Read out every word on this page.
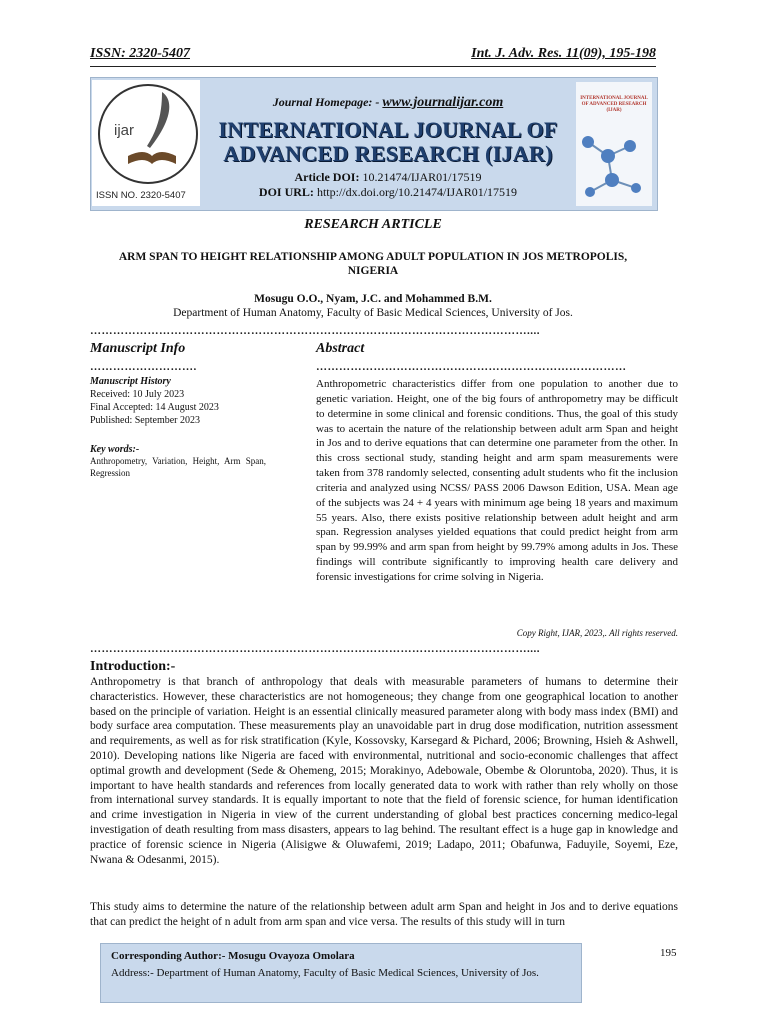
ISSN: 2320-5407	Int. J. Adv. Res. 11(09), 195-198
ijar
ISSN NO. 2320-5407
Journal Homepage: - www.journalijar.com
INTERNATIONAL JOURNAL OF
ADVANCED RESEARCH (IJAR)
Article DOI: 10.21474/IJAR01/17519
DOI URL: http://dx.doi.org/10.21474/IJAR01/17519
INTERNATIONAL JOURNAL OF ADVANCED RESEARCH (IJAR)
RESEARCH ARTICLE
ARM SPAN TO HEIGHT RELATIONSHIP AMONG ADULT POPULATION IN JOS METROPOLIS,
NIGERIA
Mosugu O.O., Nyam, J.C. and Mohammed B.M.
Department of Human Anatomy, Faculty of Basic Medical Sciences, University of Jos.
……………………………………………………………………………………………………....
Manuscript Info
……………………….
Manuscript History
Received: 10 July 2023
Final Accepted: 14 August 2023
Published: September 2023
Key words:-
Anthropometry, Variation, Height, Arm Span, Regression
Abstract
………………………………………………………………………
Anthropometric characteristics differ from one population to another due to genetic variation. Height, one of the big fours of anthropometry may be difficult to determine in some clinical and forensic conditions. Thus, the goal of this study was to acertain the nature of the relationship between adult arm Span and height in Jos and to derive equations that can determine one parameter from the other. In this cross sectional study, standing height and arm spam measurements were taken from 378 randomly selected, consenting adult students who fit the inclusion criteria and analyzed using NCSS/ PASS 2006 Dawson Edition, USA. Mean age of the subjects was 24 + 4 years with minimum age being 18 years and maximum 55 years. Also, there exists positive relationship between adult height and arm span. Regression analyses yielded equations that could predict height from arm span by 99.99% and arm span from height by 99.79% among adults in Jos. These findings will contribute significantly to improving health care delivery and forensic investigations for crime solving in Nigeria.
Copy Right, IJAR, 2023,. All rights reserved.
……………………………………………………………………………………………………....
Introduction:-
Anthropometry is that branch of anthropology that deals with measurable parameters of humans to determine their characteristics. However, these characteristics are not homogeneous; they change from one geographical location to another based on the principle of variation. Height is an essential clinically measured parameter along with body mass index (BMI) and body surface area computation. These measurements play an unavoidable part in drug dose modification, nutrition assessment and requirements, as well as for risk stratification (Kyle, Kossovsky, Karsegard & Pichard, 2006; Browning, Hsieh & Ashwell, 2010). Developing nations like Nigeria are faced with environmental, nutritional and socio-economic challenges that affect optimal growth and development (Sede & Ohemeng, 2015; Morakinyo, Adebowale, Obembe & Oloruntoba, 2020). Thus, it is important to have health standards and references from locally generated data to work with rather than rely wholly on those from international survey standards. It is equally important to note that the field of forensic science, for human identification and crime investigation in Nigeria in view of the current understanding of global best practices concerning medico-legal investigation of death resulting from mass disasters, appears to lag behind. The resultant effect is a huge gap in knowledge and practice of forensic science in Nigeria (Alisigwe & Oluwafemi, 2019; Ladapo, 2011; Obafunwa, Faduyile, Soyemi, Eze, Nwana & Odesanmi, 2015).
This study aims to determine the nature of the relationship between adult arm Span and height in Jos and to derive equations that can predict the height of n adult from arm span and vice versa. The results of this study will in turn
Corresponding Author:- Mosugu Ovayoza Omolara
Address:- Department of Human Anatomy, Faculty of Basic Medical Sciences, University of Jos.
195
